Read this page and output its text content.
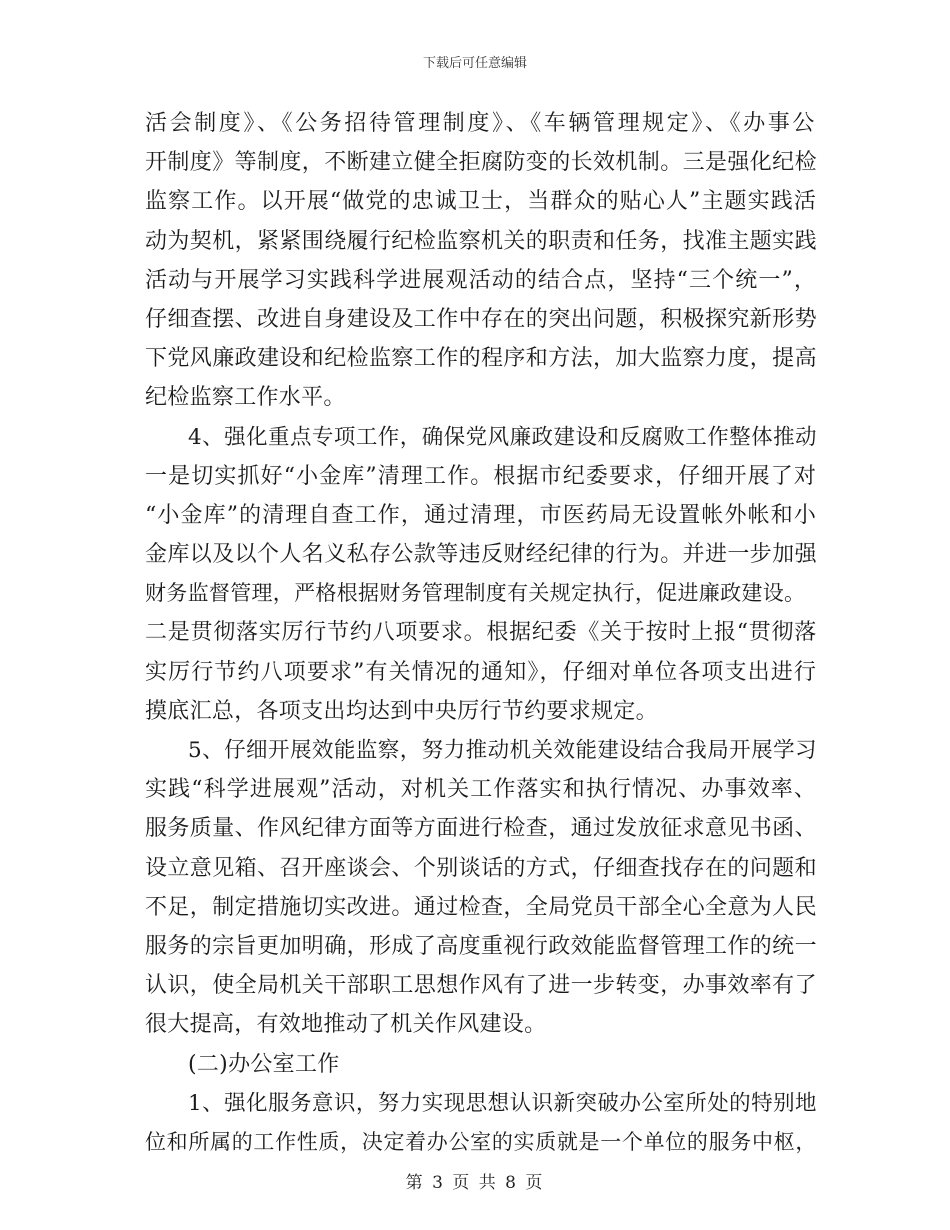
下载后可任意编辑
活会制度》、《公务招待管理制度》、《车辆管理规定》、《办事公
开制度》等制度，不断建立健全拒腐防变的长效机制。三是强化纪检
监察工作。以开展“做党的忠诚卫士，当群众的贴心人”主题实践活
动为契机，紧紧围绕履行纪检监察机关的职责和任务，找准主题实践
活动与开展学习实践科学进展观活动的结合点，坚持“三个统一”，
仔细查摆、改进自身建设及工作中存在的突出问题，积极探究新形势
下党风廉政建设和纪检监察工作的程序和方法，加大监察力度，提高
纪检监察工作水平。
4、强化重点专项工作，确保党风廉政建设和反腐败工作整体推动
一是切实抓好“小金库”清理工作。根据市纪委要求，仔细开展了对
“小金库”的清理自查工作，通过清理，市医药局无设置帐外帐和小
金库以及以个人名义私存公款等违反财经纪律的行为。并进一步加强
财务监督管理，严格根据财务管理制度有关规定执行，促进廉政建设。
二是贯彻落实厉行节约八项要求。根据纪委《关于按时上报“贯彻落
实厉行节约八项要求”有关情况的通知》，仔细对单位各项支出进行
摸底汇总，各项支出均达到中央厉行节约要求规定。
5、仔细开展效能监察，努力推动机关效能建设结合我局开展学习
实践“科学进展观”活动，对机关工作落实和执行情况、办事效率、
服务质量、作风纪律方面等方面进行检查，通过发放征求意见书函、
设立意见箱、召开座谈会、个别谈话的方式，仔细查找存在的问题和
不足，制定措施切实改进。通过检查，全局党员干部全心全意为人民
服务的宗旨更加明确，形成了高度重视行政效能监督管理工作的统一
认识，使全局机关干部职工思想作风有了进一步转变，办事效率有了
很大提高，有效地推动了机关作风建设。
(二)办公室工作
1、强化服务意识，努力实现思想认识新突破办公室所处的特别地
位和所属的工作性质，决定着办公室的实质就是一个单位的服务中枢，
第 3 页 共 8 页
